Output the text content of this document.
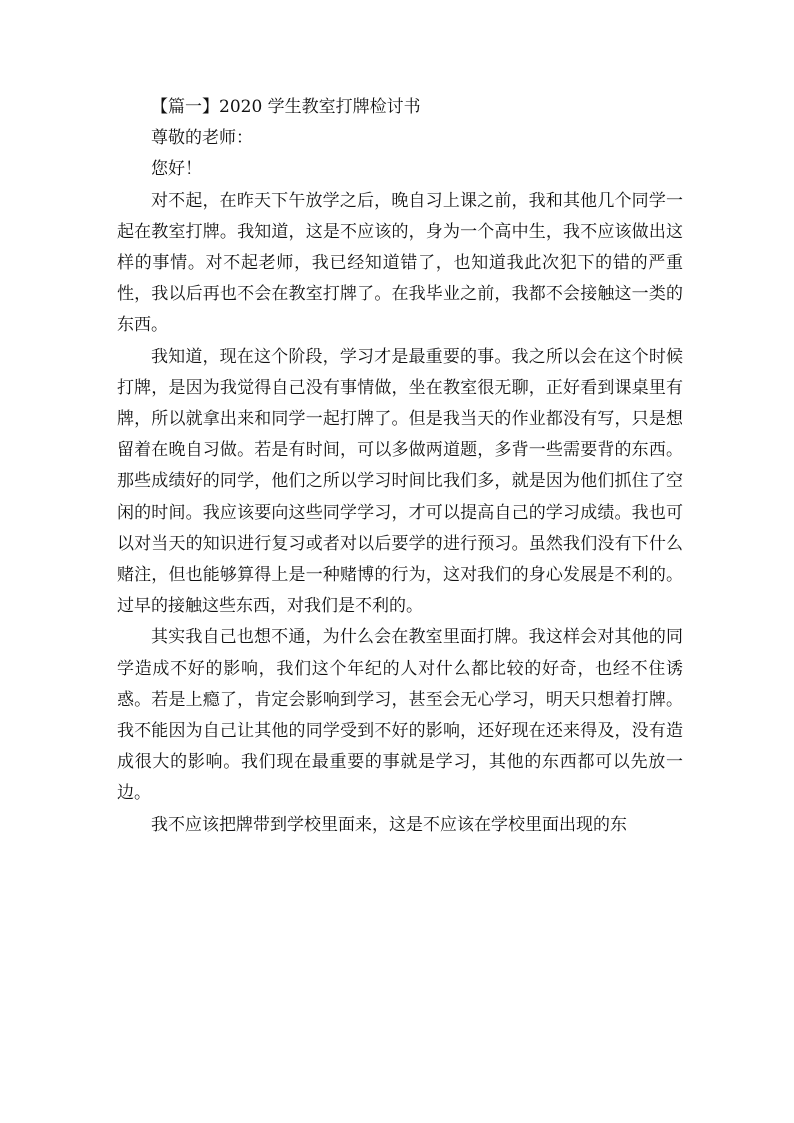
【篇一】2020 学生教室打牌检讨书

尊敬的老师：

您好！

对不起，在昨天下午放学之后，晚自习上课之前，我和其他几个同学一起在教室打牌。我知道，这是不应该的，身为一个高中生，我不应该做出这样的事情。对不起老师，我已经知道错了，也知道我此次犯下的错的严重性，我以后再也不会在教室打牌了。在我毕业之前，我都不会接触这一类的东西。

我知道，现在这个阶段，学习才是最重要的事。我之所以会在这个时候打牌，是因为我觉得自己没有事情做，坐在教室很无聊，正好看到课桌里有牌，所以就拿出来和同学一起打牌了。但是我当天的作业都没有写，只是想留着在晚自习做。若是有时间，可以多做两道题，多背一些需要背的东西。那些成绩好的同学，他们之所以学习时间比我们多，就是因为他们抓住了空闲的时间。我应该要向这些同学学习，才可以提高自己的学习成绩。我也可以对当天的知识进行复习或者对以后要学的进行预习。虽然我们没有下什么赌注，但也能够算得上是一种赌博的行为，这对我们的身心发展是不利的。过早的接触这些东西，对我们是不利的。

其实我自己也想不通，为什么会在教室里面打牌。我这样会对其他的同学造成不好的影响，我们这个年纪的人对什么都比较的好奇，也经不住诱惑。若是上瘾了，肯定会影响到学习，甚至会无心学习，明天只想着打牌。我不能因为自己让其他的同学受到不好的影响，还好现在还来得及，没有造成很大的影响。我们现在最重要的事就是学习，其他的东西都可以先放一边。

我不应该把牌带到学校里面来，这是不应该在学校里面出现的东
